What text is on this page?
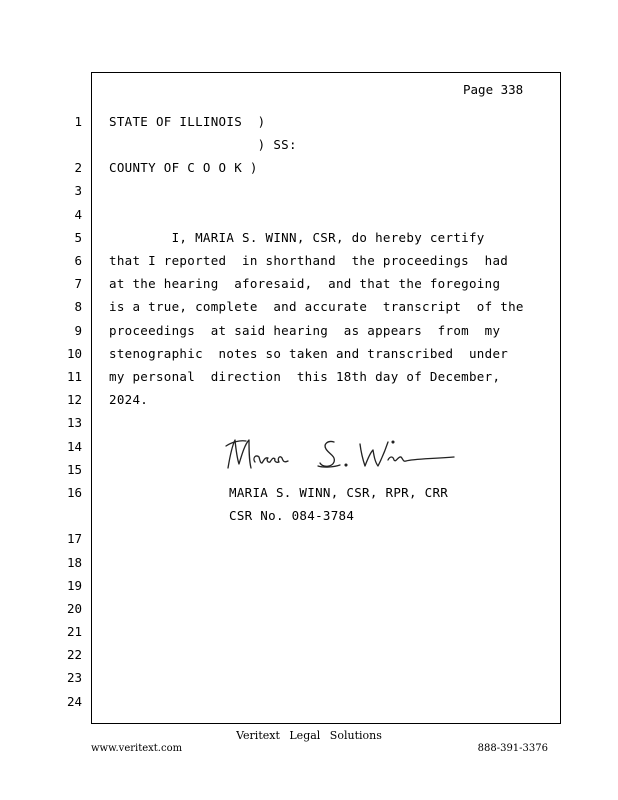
Page 338
1
2
3
4
5
6
7
8
9
10
11
12
13
14
15
16
17
18
19
20
21
22
23
24
STATE OF ILLINOIS  )
) SS:
COUNTY OF C O O K )
I, MARIA S. WINN, CSR, do hereby certify
that I reported  in shorthand  the proceedings  had
at the hearing  aforesaid,  and that the foregoing
is a true, complete  and accurate  transcript  of the
proceedings  at said hearing  as appears  from  my
stenographic  notes so taken and transcribed  under
my personal  direction  this 18th day of December,
2024.
MARIA S. WINN, CSR, RPR, CRR
CSR No. 084-3784
Veritext Legal Solutions
www.veritext.com	888-391-3376
